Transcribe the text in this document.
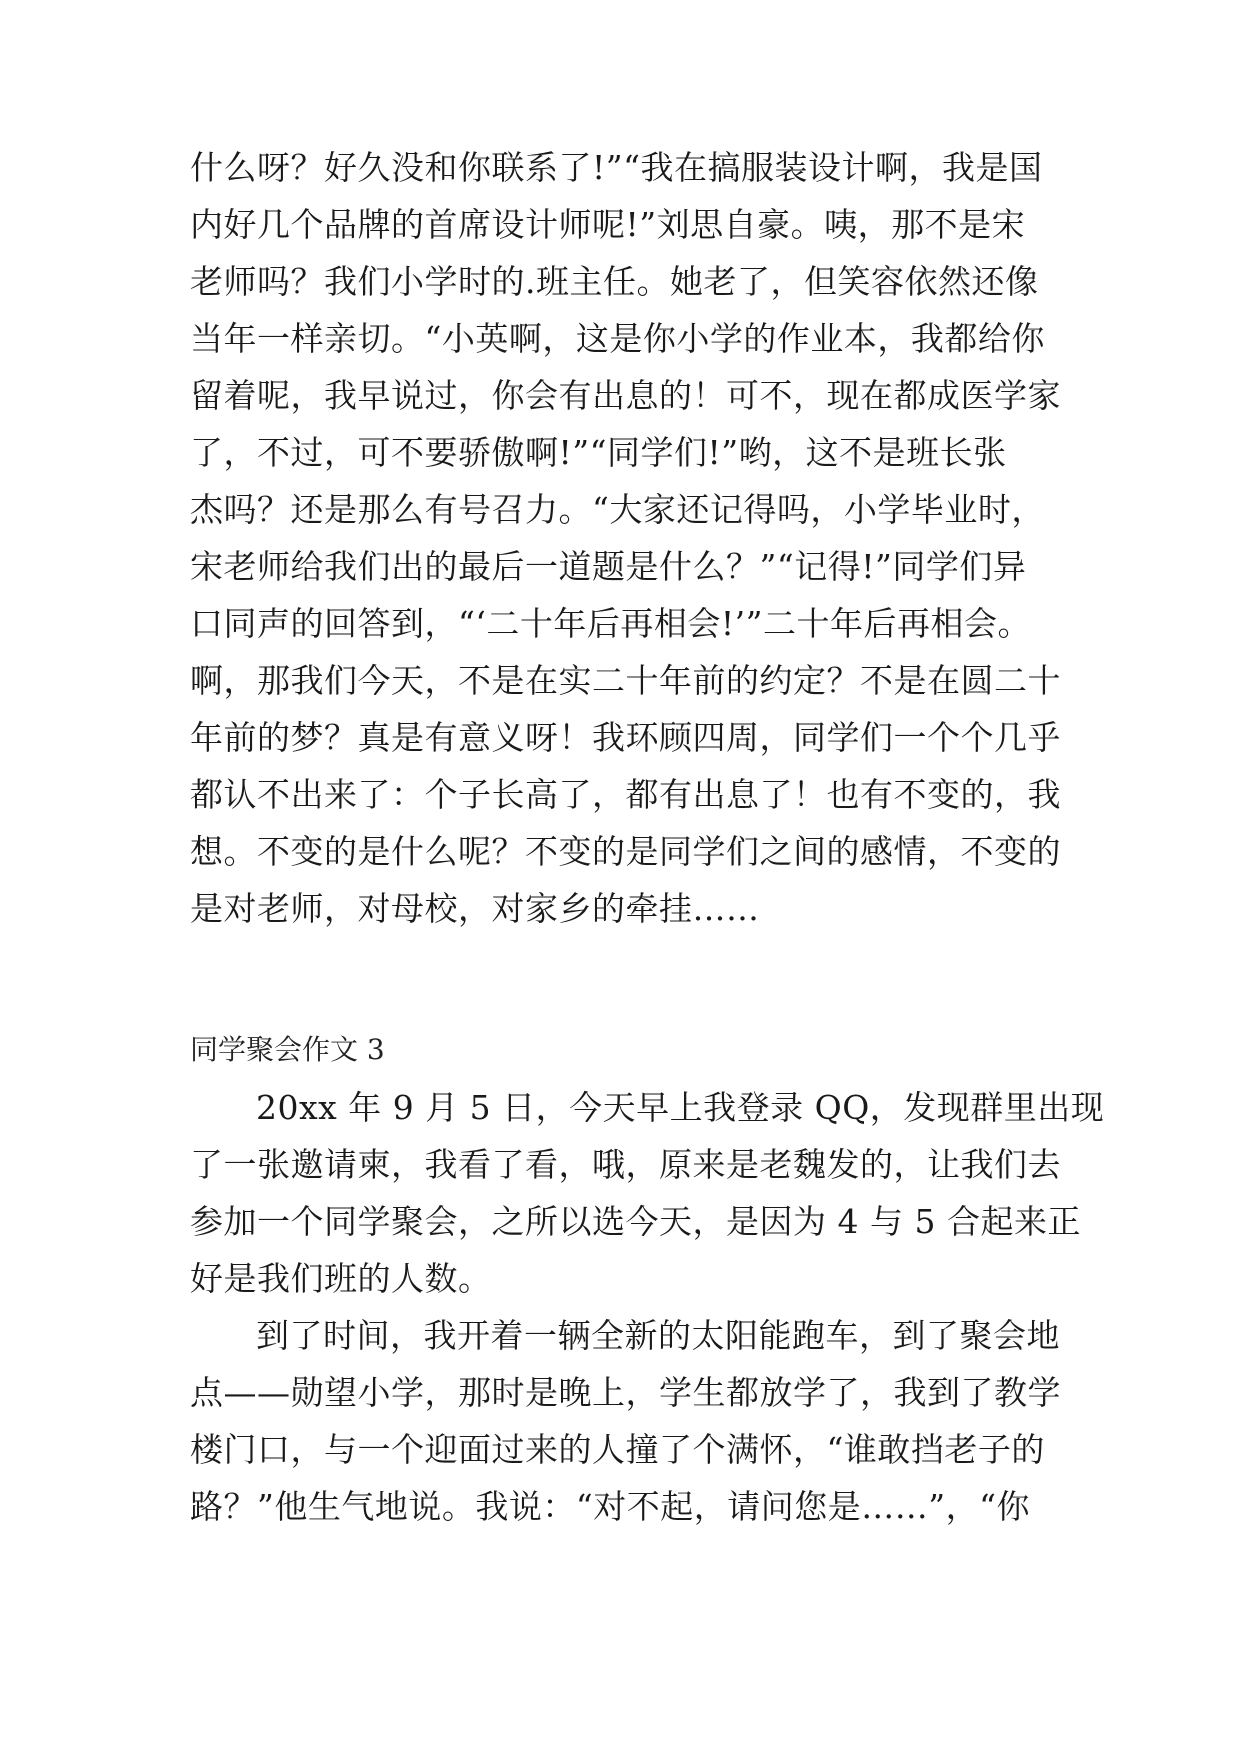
什么呀？好久没和你联系了!”“我在搞服装设计啊，我是国
内好几个品牌的首席设计师呢!”刘思自豪。咦，那不是宋
老师吗？我们小学时的.班主任。她老了，但笑容依然还像
当年一样亲切。“小英啊，这是你小学的作业本，我都给你
留着呢，我早说过，你会有出息的！可不，现在都成医学家
了，不过，可不要骄傲啊!”“同学们!”哟，这不是班长张
杰吗？还是那么有号召力。“大家还记得吗，小学毕业时，
宋老师给我们出的最后一道题是什么？”“记得!”同学们异
口同声的回答到，“‘二十年后再相会!’”二十年后再相会。
啊，那我们今天，不是在实二十年前的约定？不是在圆二十
年前的梦？真是有意义呀！我环顾四周，同学们一个个几乎
都认不出来了：个子长高了，都有出息了！也有不变的，我
想。不变的是什么呢？不变的是同学们之间的感情，不变的
是对老师，对母校，对家乡的牵挂……
同学聚会作文 3
20xx 年 9 月 5 日，今天早上我登录 QQ，发现群里出现
了一张邀请柬，我看了看，哦，原来是老魏发的，让我们去
参加一个同学聚会，之所以选今天，是因为 4 与 5 合起来正
好是我们班的人数。
到了时间，我开着一辆全新的太阳能跑车，到了聚会地
点——勋望小学，那时是晚上，学生都放学了，我到了教学
楼门口，与一个迎面过来的人撞了个满怀，“谁敢挡老子的
路？”他生气地说。我说：“对不起，请问您是……”，“你
